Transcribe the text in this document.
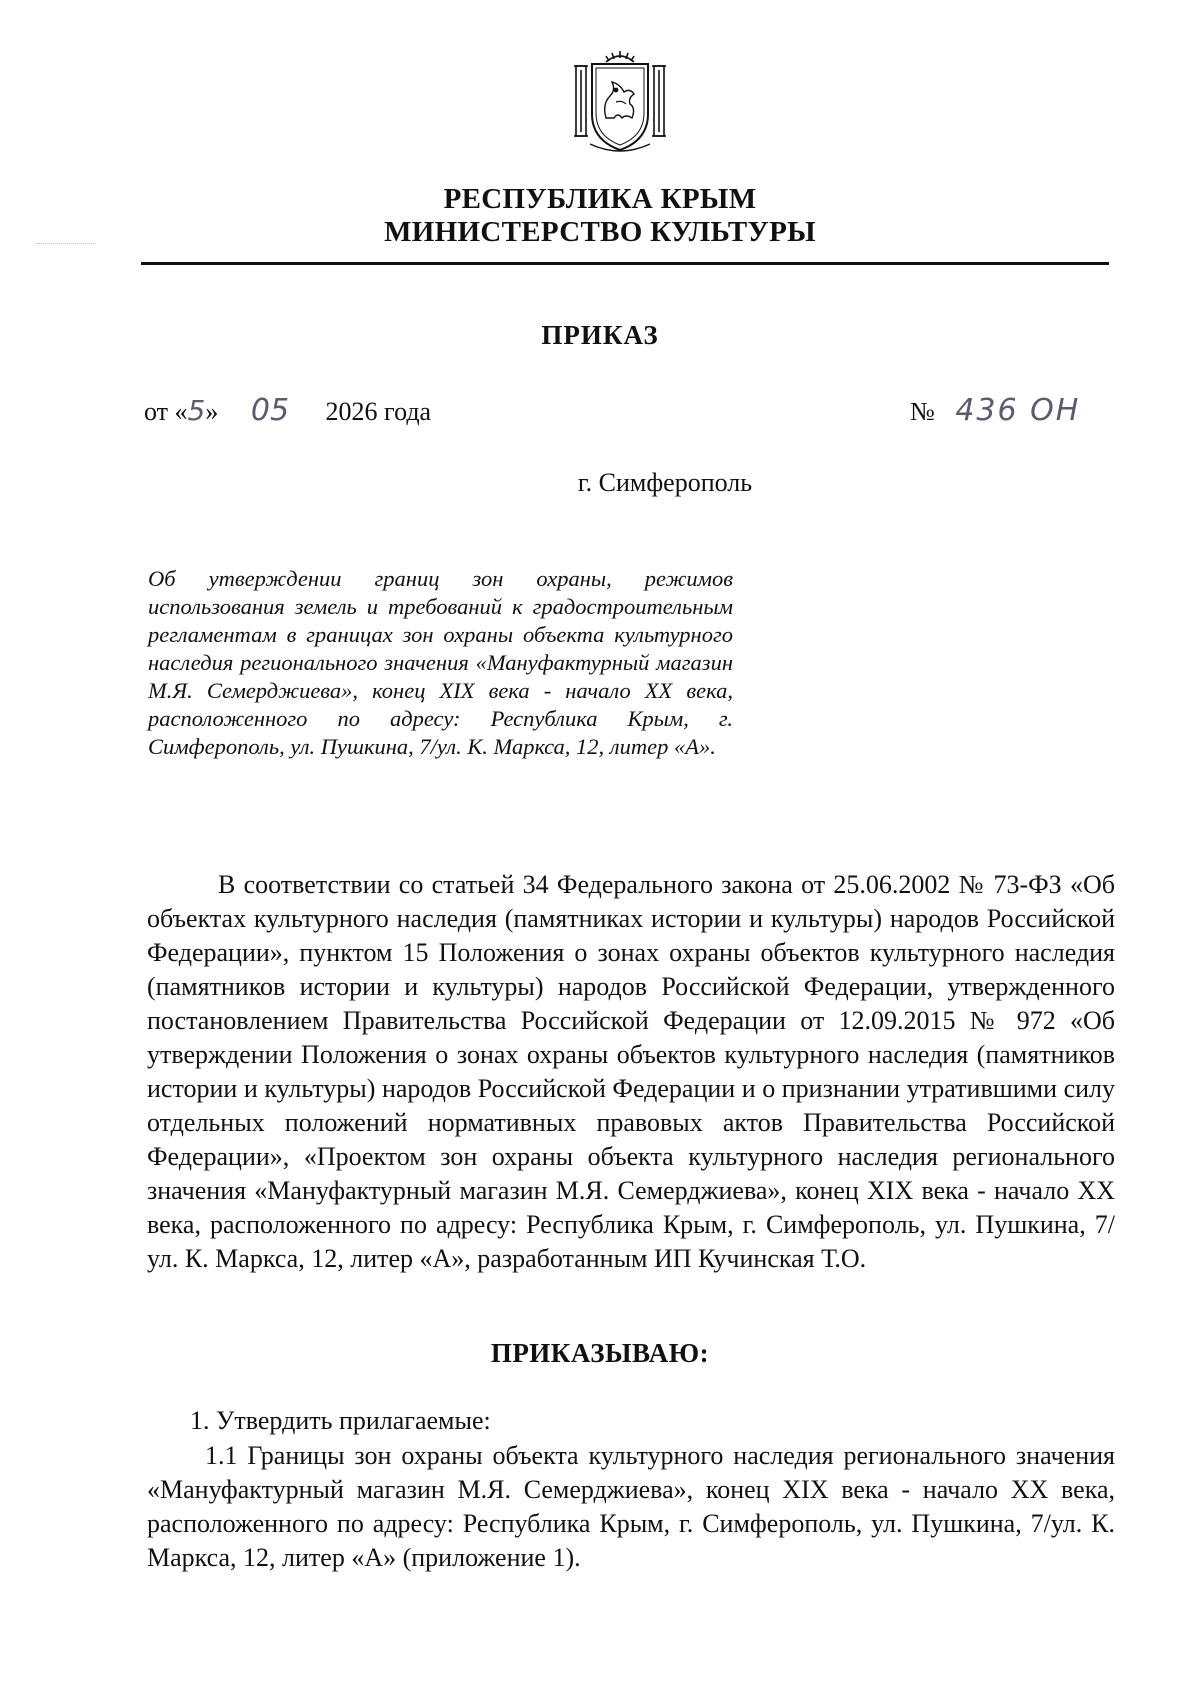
РЕСПУБЛИКА КРЫМ
МИНИСТЕРСТВО КУЛЬТУРЫ
ПРИКАЗ
от «5» 05 2026 года	№ 436 ОН
г. Симферополь
Об утверждении границ зон охраны, режимов использования земель и требований к градостроительным регламентам в границах зон охраны объекта культурного наследия регионального значения «Мануфактурный магазин М.Я. Семерджиева», конец XIX века - начало XX века, расположенного по адресу: Республика Крым, г. Симферополь, ул. Пушкина, 7/ул. К. Маркса, 12, литер «А».
В соответствии со статьей 34 Федерального закона от 25.06.2002 № 73-ФЗ «Об объектах культурного наследия (памятниках истории и культуры) народов Российской Федерации», пунктом 15 Положения о зонах охраны объектов культурного наследия (памятников истории и культуры) народов Российской Федерации, утвержденного постановлением Правительства Российской Федерации от 12.09.2015 № 972 «Об утверждении Положения о зонах охраны объектов культурного наследия (памятников истории и культуры) народов Российской Федерации и о признании утратившими силу отдельных положений нормативных правовых актов Правительства Российской Федерации», «Проектом зон охраны объекта культурного наследия регионального значения «Мануфактурный магазин М.Я. Семерджиева», конец XIX века - начало XX века, расположенного по адресу: Республика Крым, г. Симферополь, ул. Пушкина, 7/ул. К. Маркса, 12, литер «А», разработанным ИП Кучинская Т.О.
ПРИКАЗЫВАЮ:
1. Утвердить прилагаемые:
1.1 Границы зон охраны объекта культурного наследия регионального значения «Мануфактурный магазин М.Я. Семерджиева», конец XIX века - начало XX века, расположенного по адресу: Республика Крым, г. Симферополь, ул. Пушкина, 7/ул. К. Маркса, 12, литер «А» (приложение 1).
